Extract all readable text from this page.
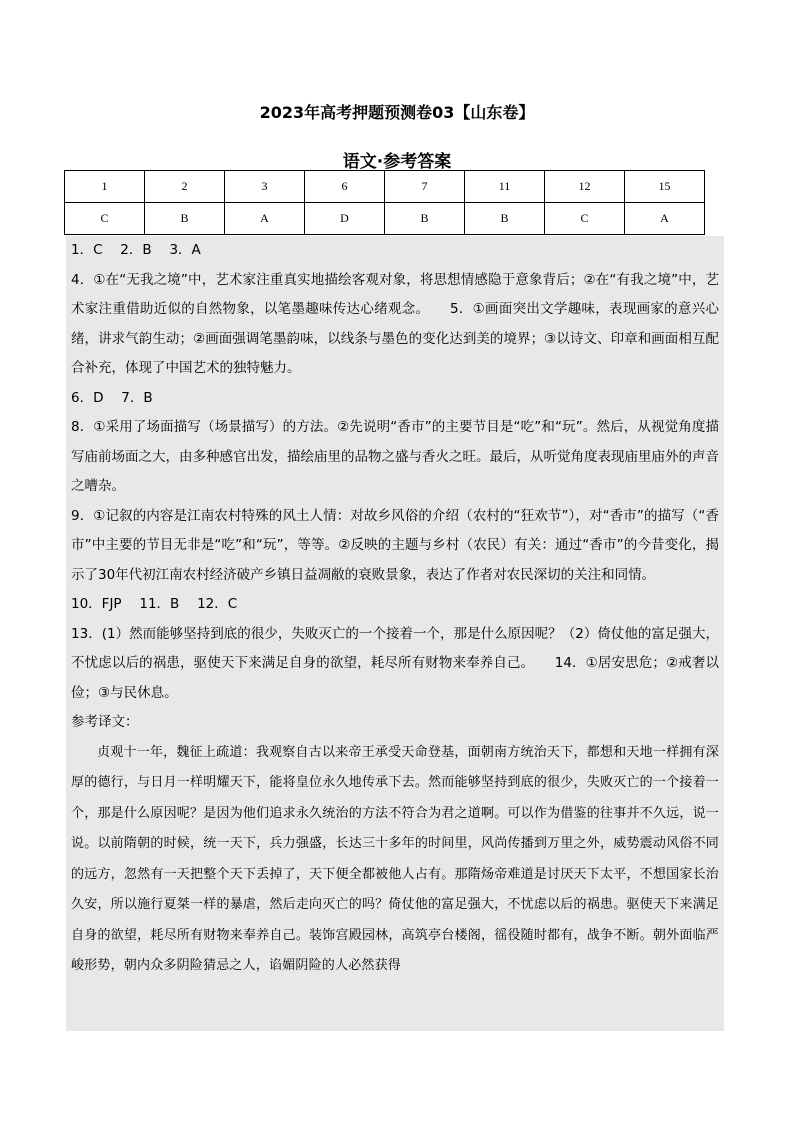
2023年高考押题预测卷03【山东卷】
语文·参考答案
1	2	3	6	7	11	12	15
C	B	A	D	B	B	C	A

1．C　 2．B　 3．A

4．①在“无我之境”中，艺术家注重真实地描绘客观对象，将思想情感隐于意象背后；②在“有我之境”中，艺术家注重借助近似的自然物象，以笔墨趣味传达心绪观念。　　5．①画面突出文学趣味，表现画家的意兴心绪，讲求气韵生动；②画面强调笔墨韵味，以线条与墨色的变化达到美的境界；③以诗文、印章和画面相互配合补充，体现了中国艺术的独特魅力。

6．D　 7．B

8．①采用了场面描写（场景描写）的方法。②先说明“香市”的主要节目是“吃”和“玩”。然后，从视觉角度描写庙前场面之大，由多种感官出发，描绘庙里的品物之盛与香火之旺。最后，从听觉角度表现庙里庙外的声音之嘈杂。

9．①记叙的内容是江南农村特殊的风土人情：对故乡风俗的介绍（农村的“狂欢节”），对“香市”的描写（“香市”中主要的节目无非是“吃”和“玩”，等等。②反映的主题与乡村（农民）有关：通过“香市”的今昔变化，揭示了30年代初江南农村经济破产乡镇日益凋敝的衰败景象，表达了作者对农民深切的关注和同情。

10．FJP　 11．B　 12．C

13．(1）然而能够坚持到底的很少，失败灭亡的一个接着一个，那是什么原因呢？（2）倚仗他的富足强大，不忧虑以后的祸患，驱使天下来满足自身的欲望，耗尽所有财物来奉养自己。　　14．①居安思危；②戒奢以俭；③与民休息。

参考译文：

贞观十一年，魏征上疏道：我观察自古以来帝王承受天命登基，面朝南方统治天下，都想和天地一样拥有深厚的德行，与日月一样明耀天下，能将皇位永久地传承下去。然而能够坚持到底的很少，失败灭亡的一个接着一个，那是什么原因呢？是因为他们追求永久统治的方法不符合为君之道啊。可以作为借鉴的往事并不久远，说一说。以前隋朝的时候，统一天下，兵力强盛，长达三十多年的时间里，风尚传播到万里之外，威势震动风俗不同的远方，忽然有一天把整个天下丢掉了，天下便全都被他人占有。那隋炀帝难道是讨厌天下太平，不想国家长治久安，所以施行夏桀一样的暴虐，然后走向灭亡的吗？倚仗他的富足强大，不忧虑以后的祸患。驱使天下来满足自身的欲望，耗尽所有财物来奉养自己。装饰宫殿园林，高筑亭台楼阁，徭役随时都有，战争不断。朝外面临严峻形势，朝内众多阴险猜忌之人，谄媚阴险的人必然获得
